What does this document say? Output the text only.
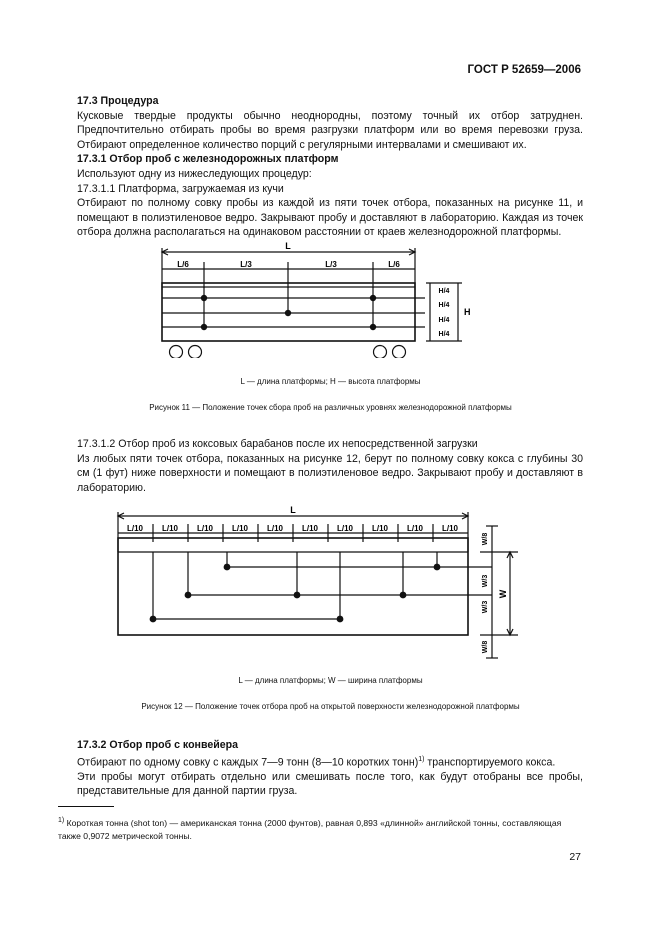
ГОСТ Р 52659—2006

17.3 Процедура

Кусковые твердые продукты обычно неоднородны, поэтому точный их отбор затруднен. Предпочтительно отбирать пробы во время разгрузки платформ или во время перевозки груза. Отбирают определенное количество порций с регулярными интервалами и смешивают их.

17.3.1 Отбор проб с железнодорожных платформ

Используют одну из нижеследующих процедур:

17.3.1.1 Платформа, загружаемая из кучи

Отбирают по полному совку пробы из каждой из пяти точек отбора, показанных на рисунке 11, и помещают в полиэтиленовое ведро. Закрывают пробу и доставляют в лабораторию. Каждая из точек отбора должна располагаться на одинаковом расстоянии от краев железнодорожной платформы.

L
L/6	L/3	L/3	L/6
H/4
H/4
H/4
H/4
H
L — длина платформы; H — высота платформы
Рисунок 11 — Положение точек сбора проб на различных уровнях железнодорожной платформы

17.3.1.2 Отбор проб из коксовых барабанов после их непосредственной загрузки

Из любых пяти точек отбора, показанных на рисунке 12, берут по полному совку кокса с глубины 30 см (1 фут) ниже поверхности и помещают в полиэтиленовое ведро. Закрывают пробу и доставляют в лабораторию.

L
L/10 L/10 L/10 L/10 L/10 L/10 L/10 L/10 L/10 L/10
W/8
W/3
W/3
W/8
W
L — длина платформы; W — ширина платформы
Рисунок 12 — Положение точек отбора проб на открытой поверхности железнодорожной платформы

17.3.2 Отбор проб с конвейера

Отбирают по одному совку с каждых 7—9 тонн (8—10 коротких тонн)$^{1)}$ транспортируемого кокса.

Эти пробы могут отбирать отдельно или смешивать после того, как будут отобраны все пробы, представительные для данной партии груза.

$^{1)}$ Короткая тонна (shot ton) — американская тонна (2000 фунтов), равная 0,893 «длинной» английской тонны, составляющая также 0,9072 метрической тонны.
27
